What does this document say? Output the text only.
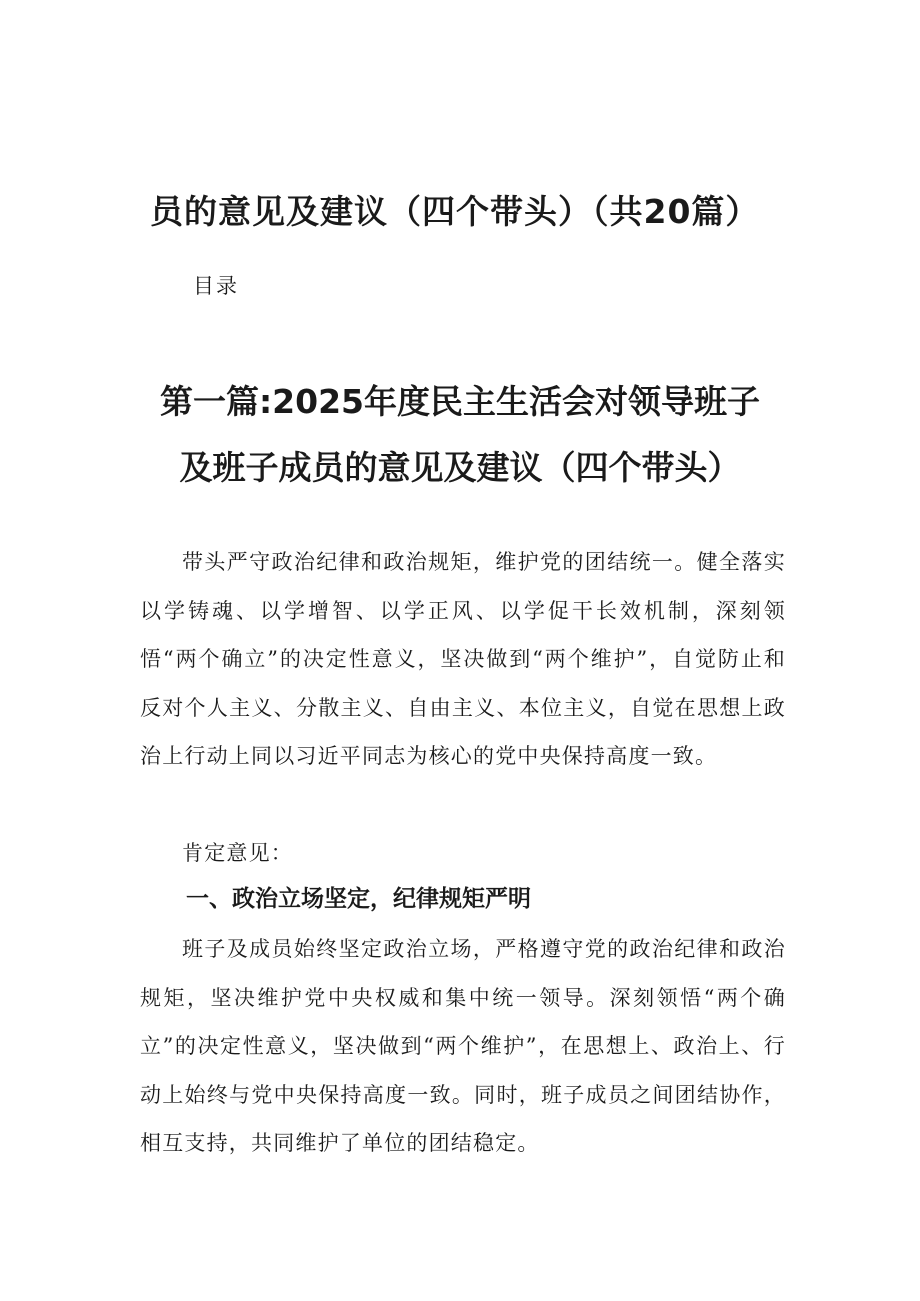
员的意见及建议（四个带头）（共20篇）
目录
第一篇:2025年度民主生活会对领导班子
及班子成员的意见及建议（四个带头）

带头严守政治纪律和政治规矩，维护党的团结统一。健全落实以学铸魂、以学增智、以学正风、以学促干长效机制，深刻领悟“两个确立”的决定性意义，坚决做到“两个维护”，自觉防止和反对个人主义、分散主义、自由主义、本位主义，自觉在思想上政治上行动上同以习近平同志为核心的党中央保持高度一致。

肯定意见：

一、政治立场坚定，纪律规矩严明

班子及成员始终坚定政治立场，严格遵守党的政治纪律和政治规矩，坚决维护党中央权威和集中统一领导。深刻领悟“两个确立”的决定性意义，坚决做到“两个维护”，在思想上、政治上、行动上始终与党中央保持高度一致。同时，班子成员之间团结协作，相互支持，共同维护了单位的团结稳定。
